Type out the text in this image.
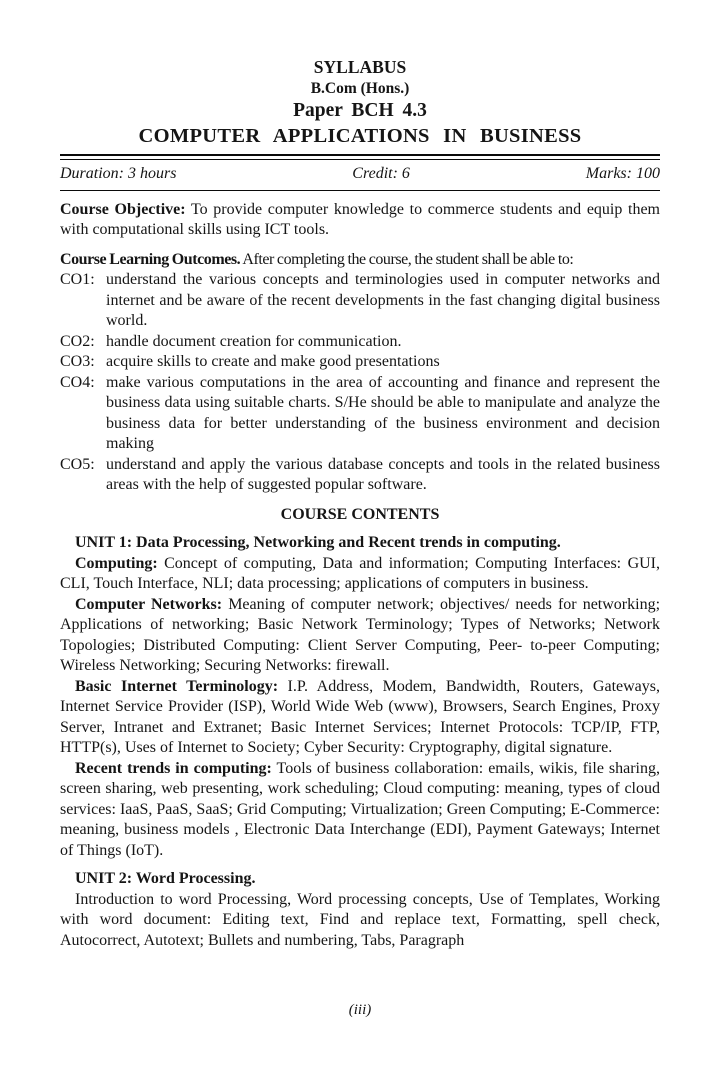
SYLLABUS
B.Com (Hons.)
Paper BCH 4.3
COMPUTER APPLICATIONS IN BUSINESS
Duration: 3 hours	Credit: 6	Marks: 100

Course Objective: To provide computer knowledge to commerce students and equip them with computational skills using ICT tools.

Course Learning Outcomes. After completing the course, the student shall be able to:

CO1: understand the various concepts and terminologies used in computer networks and internet and be aware of the recent developments in the fast changing digital business world.
CO2: handle document creation for communication.
CO3: acquire skills to create and make good presentations
CO4: make various computations in the area of accounting and finance and represent the business data using suitable charts. S/He should be able to manipulate and analyze the business data for better understanding of the business environment and decision making
CO5: understand and apply the various database concepts and tools in the related business areas with the help of suggested popular software.
COURSE CONTENTS

UNIT 1: Data Processing, Networking and Recent trends in computing.

Computing: Concept of computing, Data and information; Computing Interfaces: GUI, CLI, Touch Interface, NLI; data processing; applications of computers in business.

Computer Networks: Meaning of computer network; objectives/ needs for networking; Applications of networking; Basic Network Terminology; Types of Networks; Network Topologies; Distributed Computing: Client Server Computing, Peer- to-peer Computing; Wireless Networking; Securing Networks: firewall.

Basic Internet Terminology: I.P. Address, Modem, Bandwidth, Routers, Gateways, Internet Service Provider (ISP), World Wide Web (www), Browsers, Search Engines, Proxy Server, Intranet and Extranet; Basic Internet Services; Internet Protocols: TCP/IP, FTP, HTTP(s), Uses of Internet to Society; Cyber Security: Cryptography, digital signature.

Recent trends in computing: Tools of business collaboration: emails, wikis, file sharing, screen sharing, web presenting, work scheduling; Cloud computing: meaning, types of cloud services: IaaS, PaaS, SaaS; Grid Computing; Virtualization; Green Computing; E-Commerce: meaning, business models , Electronic Data Interchange (EDI), Payment Gateways; Internet of Things (IoT).

UNIT 2: Word Processing.

Introduction to word Processing, Word processing concepts, Use of Templates, Working with word document: Editing text, Find and replace text, Formatting, spell check, Autocorrect, Autotext; Bullets and numbering, Tabs, Paragraph

(iii)
